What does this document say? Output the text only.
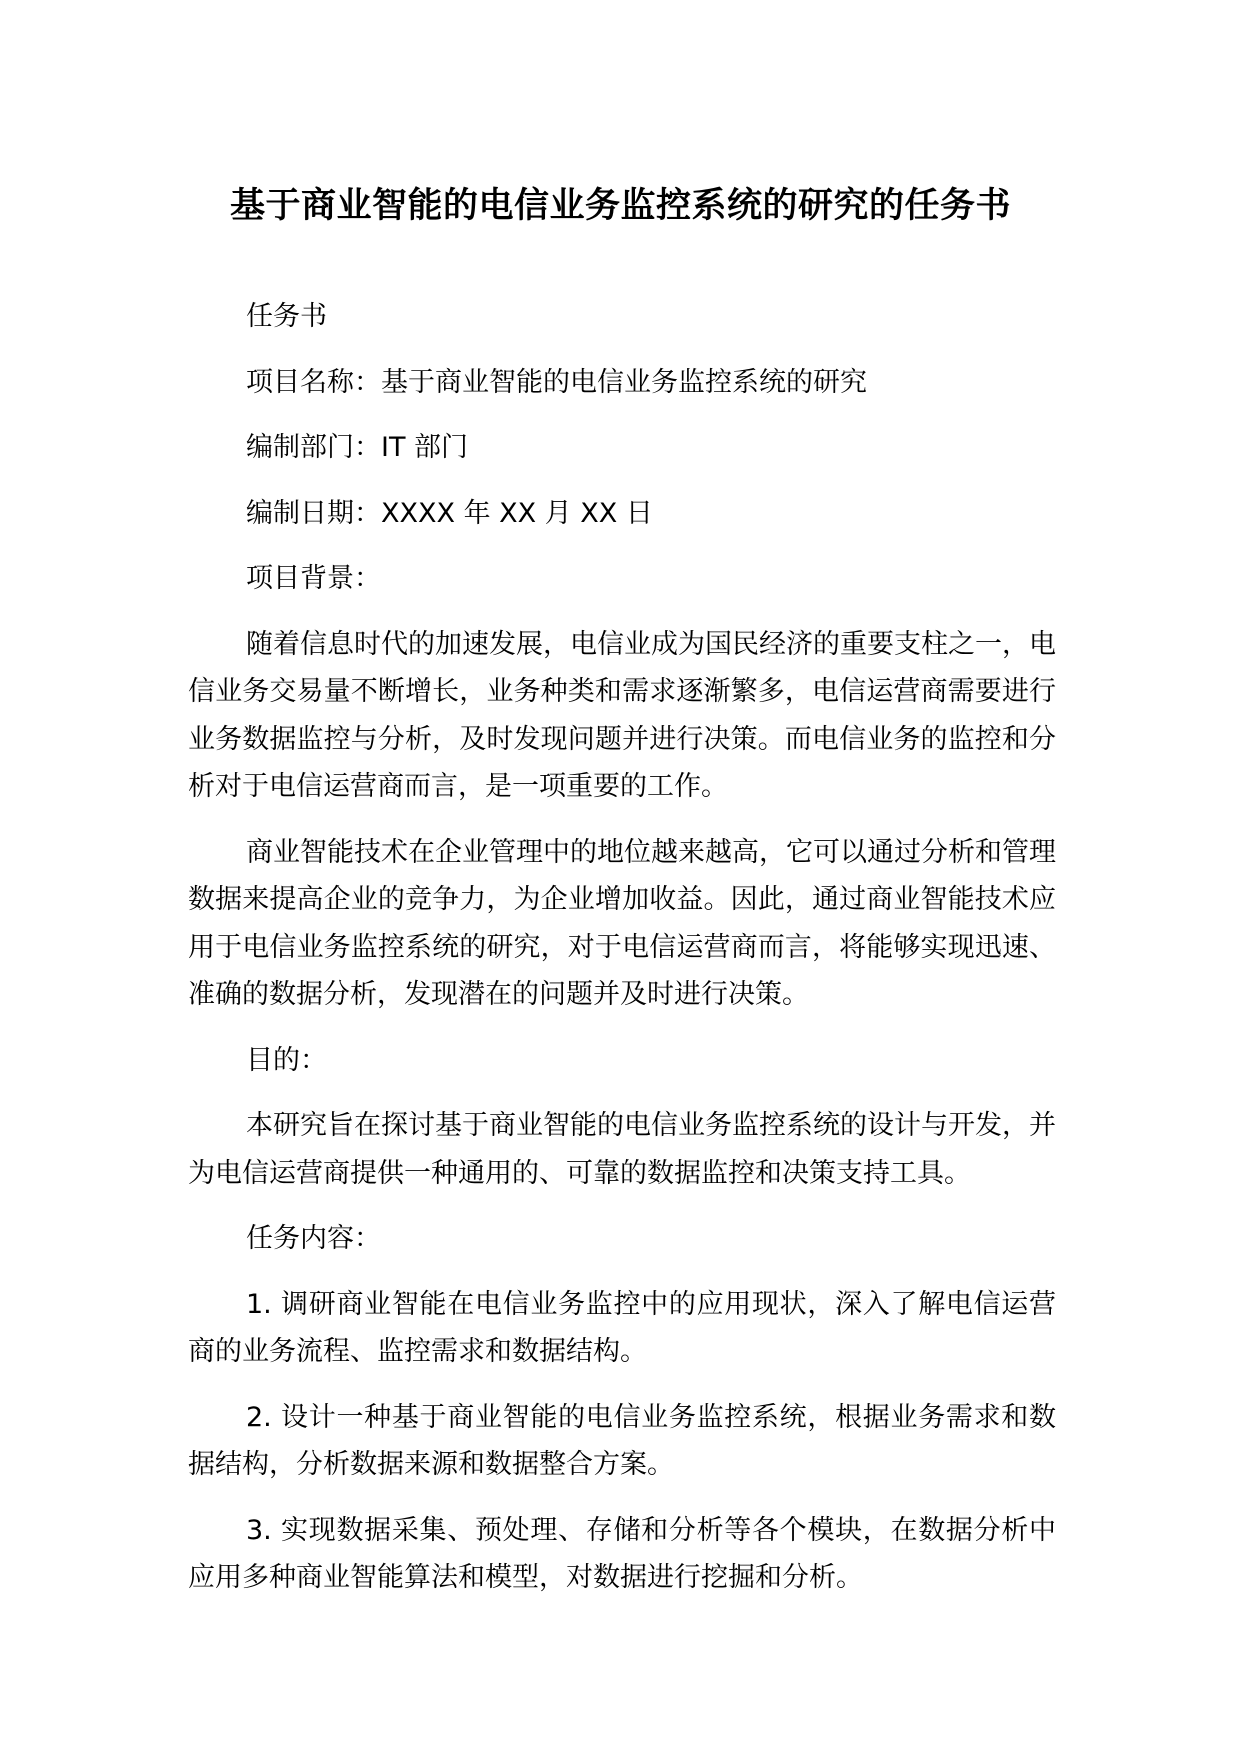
基于商业智能的电信业务监控系统的研究的任务书

任务书

项目名称：基于商业智能的电信业务监控系统的研究

编制部门：IT 部门

编制日期：XXXX 年 XX 月 XX 日

项目背景：

随着信息时代的加速发展，电信业成为国民经济的重要支柱之一，电信业务交易量不断增长，业务种类和需求逐渐繁多，电信运营商需要进行业务数据监控与分析，及时发现问题并进行决策。而电信业务的监控和分析对于电信运营商而言，是一项重要的工作。

商业智能技术在企业管理中的地位越来越高，它可以通过分析和管理数据来提高企业的竞争力，为企业增加收益。因此，通过商业智能技术应用于电信业务监控系统的研究，对于电信运营商而言，将能够实现迅速、准确的数据分析，发现潜在的问题并及时进行决策。

目的：

本研究旨在探讨基于商业智能的电信业务监控系统的设计与开发，并为电信运营商提供一种通用的、可靠的数据监控和决策支持工具。

任务内容：

1. 调研商业智能在电信业务监控中的应用现状，深入了解电信运营商的业务流程、监控需求和数据结构。

2. 设计一种基于商业智能的电信业务监控系统，根据业务需求和数据结构，分析数据来源和数据整合方案。

3. 实现数据采集、预处理、存储和分析等各个模块，在数据分析中应用多种商业智能算法和模型，对数据进行挖掘和分析。
